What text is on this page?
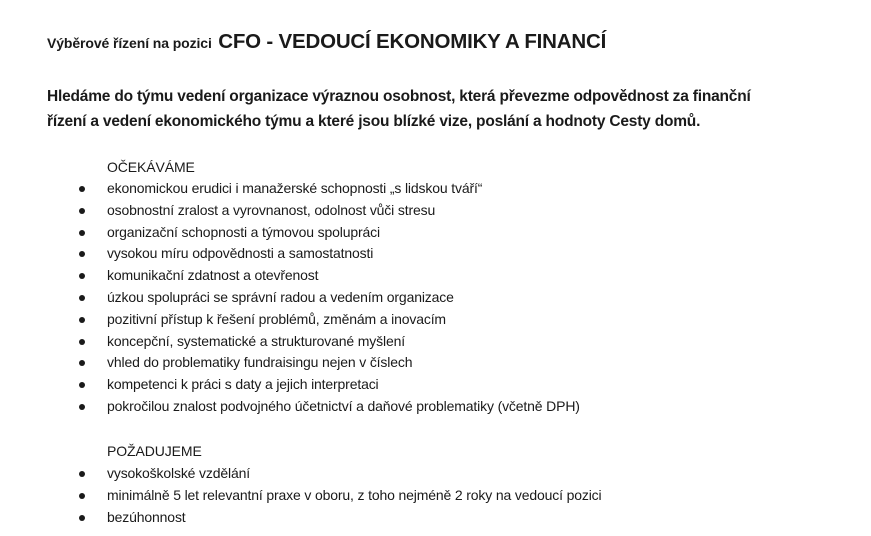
Výběrové řízení na pozici CFO - VEDOUCÍ EKONOMIKY A FINANCÍ
Hledáme do týmu vedení organizace výraznou osobnost, která převezme odpovědnost za finanční
řízení a vedení ekonomického týmu a které jsou blízké vize, poslání a hodnoty Cesty domů.
OČEKÁVÁME
ekonomickou erudici i manažerské schopnosti „s lidskou tváří“
osobnostní zralost a vyrovnanost, odolnost vůči stresu
organizační schopnosti a týmovou spolupráci
vysokou míru odpovědnosti a samostatnosti
komunikační zdatnost a otevřenost
úzkou spolupráci se správní radou a vedením organizace
pozitivní přístup k řešení problémů, změnám a inovacím
koncepční, systematické a strukturované myšlení
vhled do problematiky fundraisingu nejen v číslech
kompetenci k práci s daty a jejich interpretaci
pokročilou znalost podvojného účetnictví a daňové problematiky (včetně DPH)
POŽADUJEME
vysokoškolské vzdělání
minimálně 5 let relevantní praxe v oboru, z toho nejméně 2 roky na vedoucí pozici
bezúhonnost
